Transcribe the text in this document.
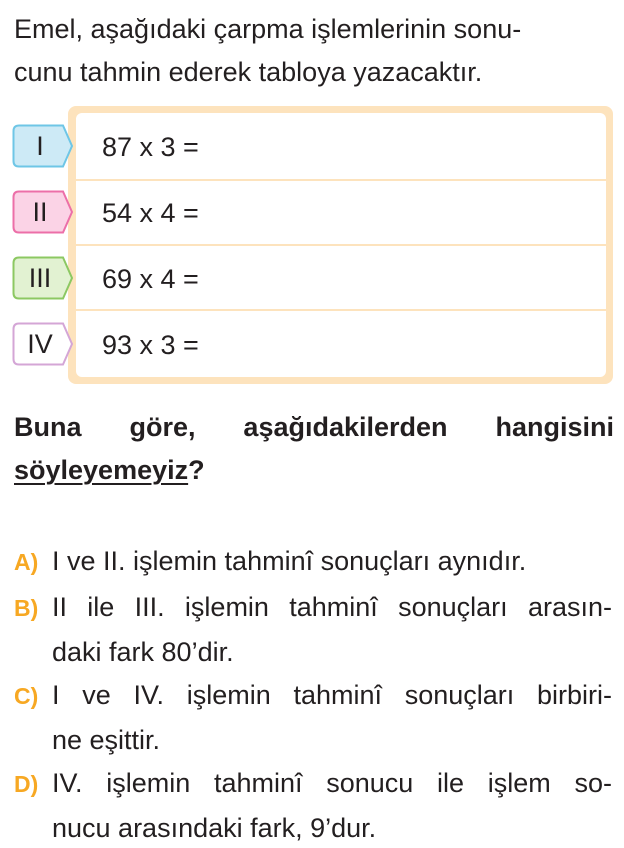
Emel, aşağıdaki çarpma işlemlerinin sonu-
cunu tahmin ederek tabloya yazacaktır.
I
II
III
IV
87 x 3 =
54 x 4 =
69 x 4 =
93 x 3 =
Buna göre, aşağıdakilerden hangisini
söyleyemeyiz?
A) I ve II. işlemin tahminî sonuçları aynıdır.
B) II ile III. işlemin tahminî sonuçları arasın-
daki fark 80’dir.
C) I ve IV. işlemin tahminî sonuçları birbiri-
ne eşittir.
D) IV. işlemin tahminî sonucu ile işlem so-
nucu arasındaki fark, 9’dur.
